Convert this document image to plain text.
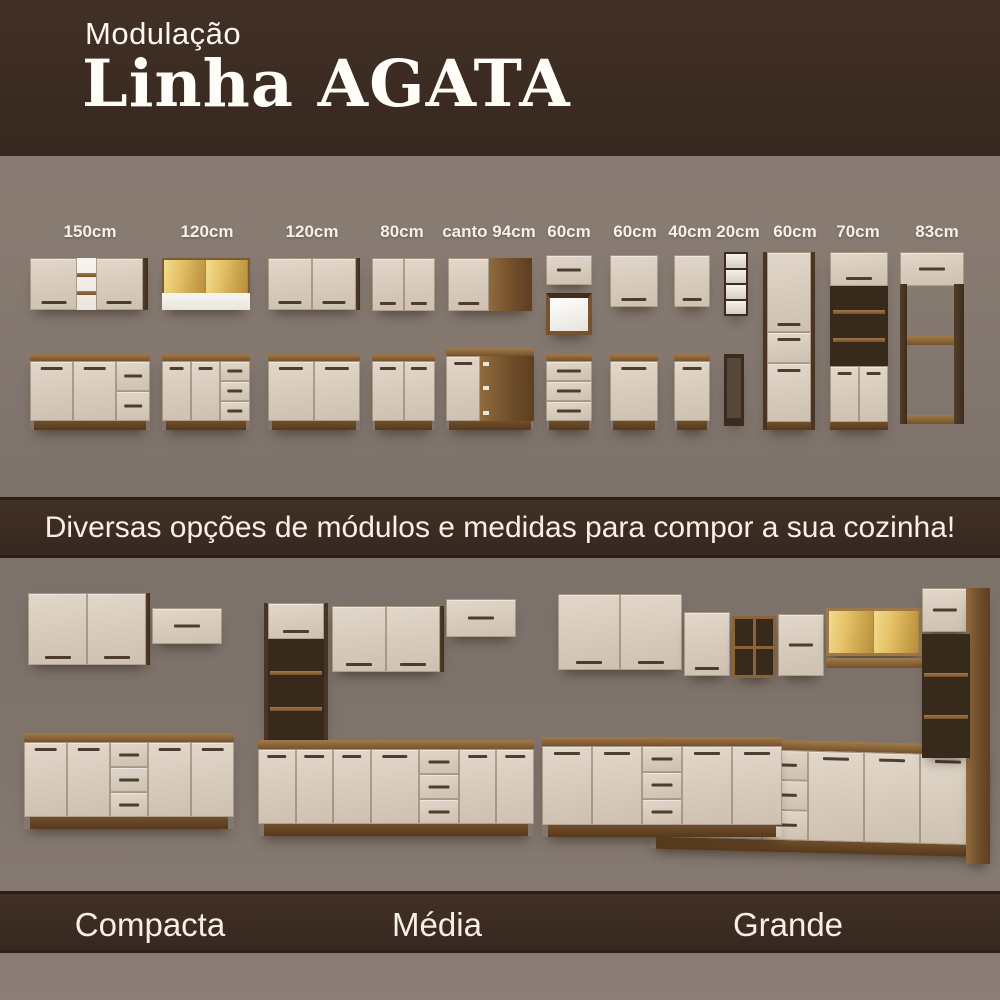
Modulação
Linha AGATA
150cm	120cm	120cm 80cm canto 94cm 60cm 60cm 40cm 20cm 60cm 70cm 83cm
Diversas opções de módulos e medidas para compor a sua cozinha!
Compacta	Média	Grande
